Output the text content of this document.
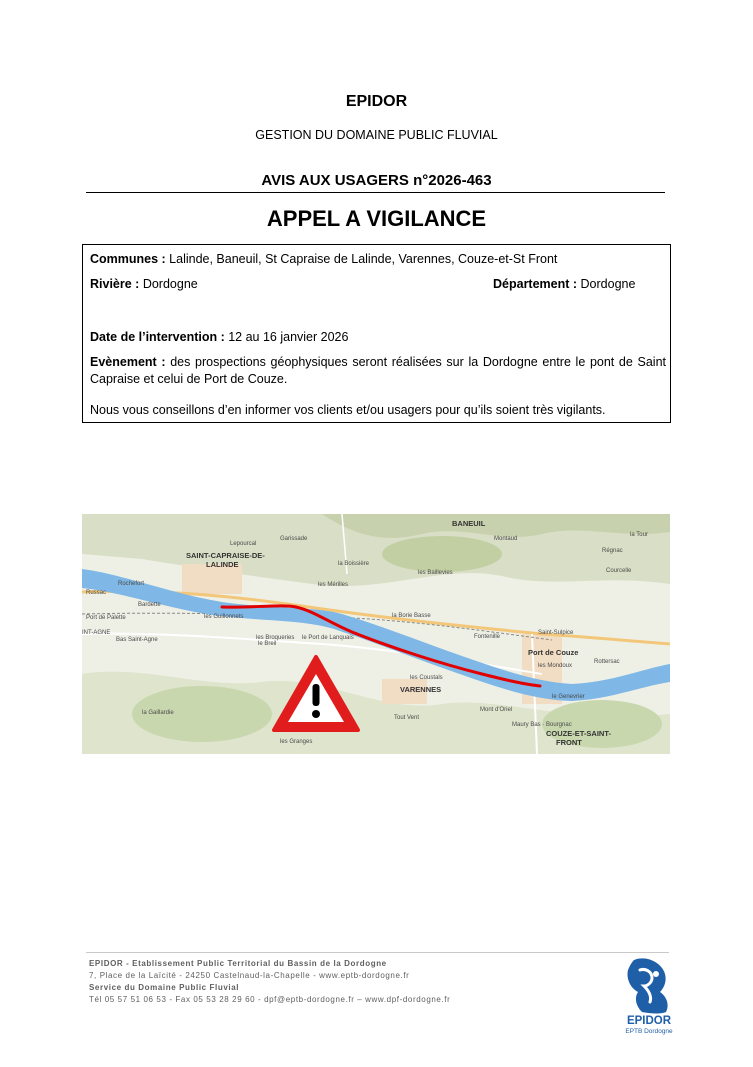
EPIDOR
GESTION DU DOMAINE PUBLIC FLUVIAL
AVIS AUX USAGERS n°2026-463
APPEL A VIGILANCE
Communes : Lalinde, Baneuil, St Capraise de Lalinde, Varennes, Couze-et-St Front
Rivière : Dordogne	Département : Dordogne
Date de l’intervention : 12 au 16 janvier 2026
Evènement : des prospections géophysiques seront réalisées sur la Dordogne entre le pont de Saint Capraise et celui de Port de Couze.
Nous vous conseillons d’en informer vos clients et/ou usagers pour qu’ils soient très vigilants.
BANEUIL
SAINT-CAPRAISE-DE-
LALINDE
VARENNES
Port de Couze
COUZE-ET-SAINT-
FRONT
Saint-Sulpice
Fontenille
Rochefort
Port de Palette
INT-AGNE
Bas Saint-Agne
le Breil
les Guillonnets
les Broqueries le Port de Lanquais
les Coustals
Tout Vent
Mont d'Oriel
les Granges
la Gaillardie
Bardette
Russac
Montaud
Régnac
les Baillevies
la Boissière
Garissade
Lepourcal
les Mérilles
la Borie Basse
les Mondoux
Rottersac
le Genevrier
Maury Bas · Bourgnac
la Tour
Courcelle
EPIDOR - Etablissement Public Territorial du Bassin de la Dordogne
7, Place de la Laïcité - 24250 Castelnaud-la-Chapelle - www.eptb-dordogne.fr
Service du Domaine Public Fluvial
Tél 05 57 51 06 53 - Fax 05 53 28 29 60 - dpf@eptb-dordogne.fr – www.dpf-dordogne.fr
EPIDOR
EPTB Dordogne
